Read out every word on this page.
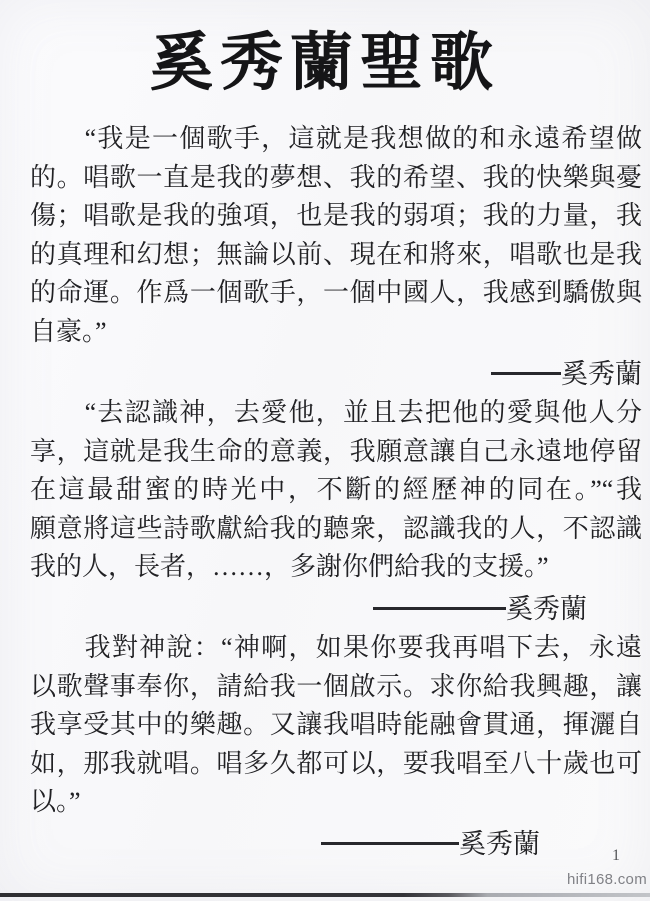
奚秀蘭聖歌
　　“我是一個歌手，這就是我想做的和永遠希望做
的。唱歌一直是我的夢想、我的希望、我的快樂與憂
傷；唱歌是我的強項，也是我的弱項；我的力量，我
的真理和幻想；無論以前、現在和將來，唱歌也是我
的命運。作爲一個歌手，一個中國人，我感到驕傲與
自豪。”
奚秀蘭
　　“去認識神，去愛他，並且去把他的愛與他人分
享，這就是我生命的意義，我願意讓自己永遠地停留
在這最甜蜜的時光中，不斷的經歷神的同在。”“我
願意將這些詩歌獻給我的聽衆，認識我的人，不認識
我的人，長者，……，多謝你們給我的支援。”
奚秀蘭
　　我對神說：“神啊，如果你要我再唱下去，永遠
以歌聲事奉你，請給我一個啟示。求你給我興趣，讓
我享受其中的樂趣。又讓我唱時能融會貫通，揮灑自
如，那我就唱。唱多久都可以，要我唱至八十歲也可
以。”
奚秀蘭	1
hifi168.com
